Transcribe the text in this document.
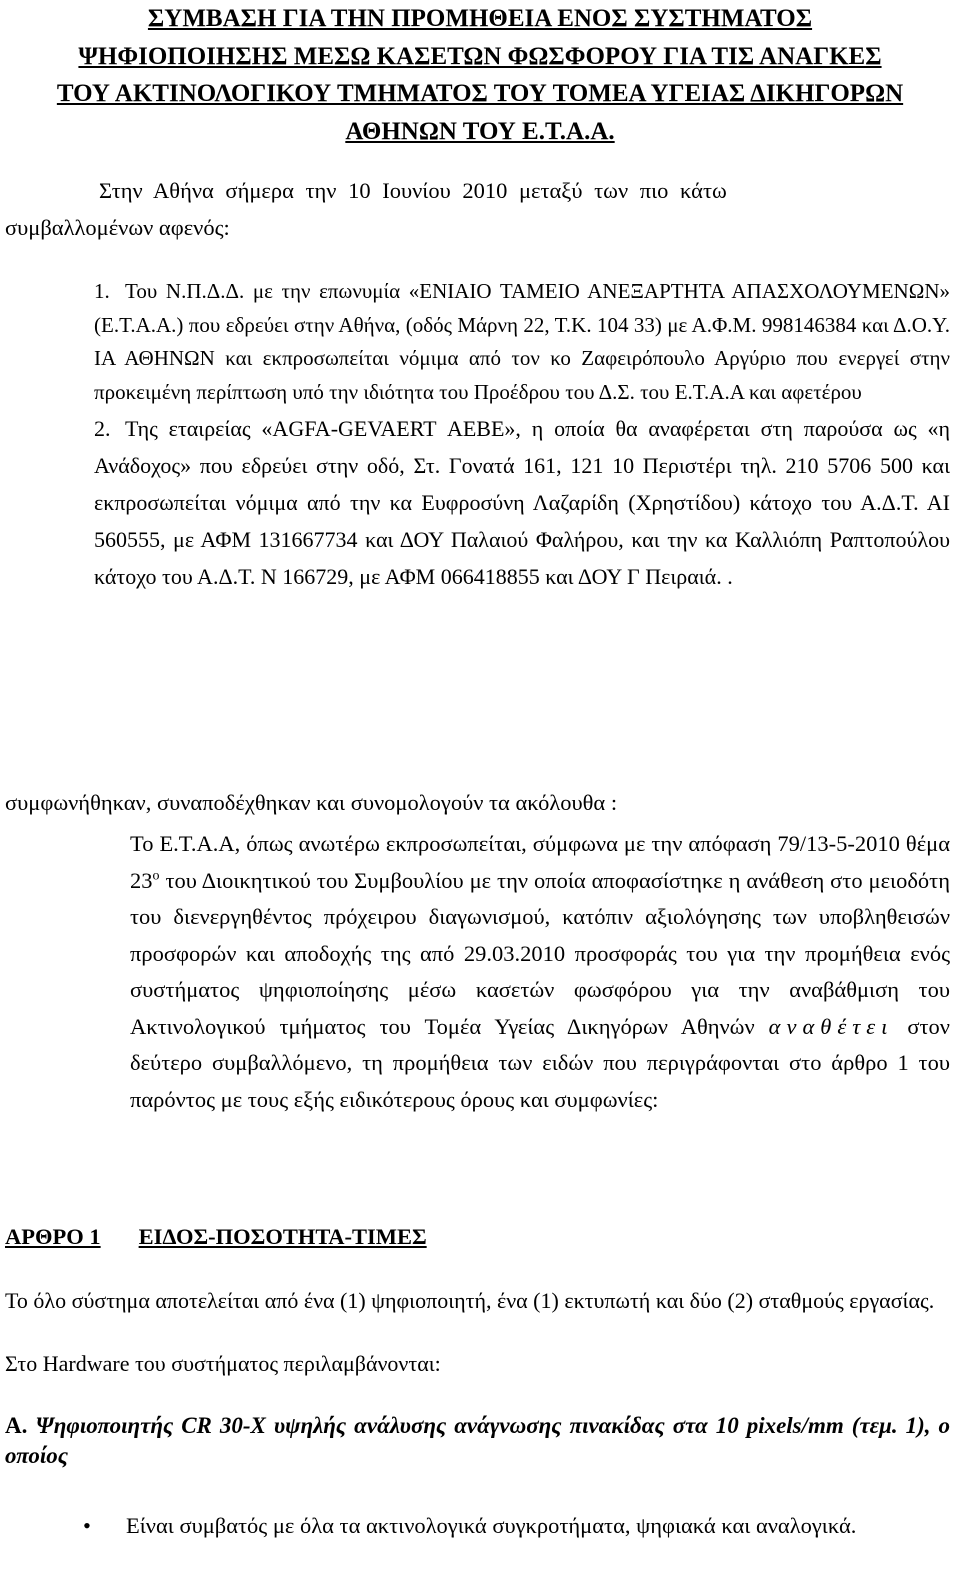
ΣΥΜΒΑΣΗ ΓΙΑ ΤΗΝ ΠΡΟΜΗΘΕΙΑ ΕΝΟΣ ΣΥΣΤΗΜΑΤΟΣ
ΨΗΦΙΟΠΟΙΗΣΗΣ ΜΕΣΩ ΚΑΣΕΤΩΝ ΦΩΣΦΟΡΟΥ ΓΙΑ ΤΙΣ ΑΝΑΓΚΕΣ
ΤΟΥ ΑΚΤΙΝΟΛΟΓΙΚΟΥ ΤΜΗΜΑΤΟΣ ΤΟΥ ΤΟΜΕΑ ΥΓΕΙΑΣ ΔΙΚΗΓΟΡΩΝ
ΑΘΗΝΩΝ ΤΟΥ Ε.Τ.Α.Α.
Στην Αθήνα σήμερα την 10 Ιουνίου 2010 μεταξύ των πιο κάτω
συμβαλλομένων αφενός:
1. Του Ν.Π.Δ.Δ. με την επωνυμία «ΕΝΙΑΙΟ ΤΑΜΕΙΟ ΑΝΕΞΑΡΤΗΤΑ ΑΠΑΣΧΟΛΟΥΜΕΝΩΝ» (Ε.Τ.Α.Α.) που εδρεύει στην Αθήνα, (οδός Μάρνη 22, Τ.Κ. 104 33) με Α.Φ.Μ. 998146384 και Δ.Ο.Υ. ΙΑ ΑΘΗΝΩΝ και εκπροσωπείται νόμιμα από τον κο Ζαφειρόπουλο Αργύριο που ενεργεί στην προκειμένη περίπτωση υπό την ιδιότητα του Προέδρου του Δ.Σ. του Ε.Τ.Α.Α και αφετέρου
2. Της εταιρείας «AGFA-GEVAERT ΑΕΒΕ», η οποία θα αναφέρεται στη παρούσα ως «η Ανάδοχος» που εδρεύει στην οδό, Στ. Γονατά 161, 121 10 Περιστέρι τηλ. 210 5706 500 και εκπροσωπείται νόμιμα από την κα Ευφροσύνη Λαζαρίδη (Χρηστίδου) κάτοχο του Α.Δ.Τ. ΑΙ 560555, με ΑΦΜ 131667734 και ΔΟΥ Παλαιού Φαλήρου, και την κα Καλλιόπη Ραπτοπούλου κάτοχο του Α.Δ.Τ. Ν 166729, με ΑΦΜ 066418855 και ΔΟΥ Γ Πειραιά. .
συμφωνήθηκαν, συναποδέχθηκαν και συνομολογούν τα ακόλουθα :
Το Ε.Τ.Α.Α, όπως ανωτέρω εκπροσωπείται, σύμφωνα με την απόφαση 79/13-5-2010 θέμα $23^o$ του Διοικητικού του Συμβουλίου με την οποία αποφασίστηκε η ανάθεση στο μειοδότη του διενεργηθέντος πρόχειρου διαγωνισμού, κατόπιν αξιολόγησης των υποβληθεισών προσφορών και αποδοχής της από 29.03.2010 προσφοράς του για την προμήθεια ενός συστήματος ψηφιοποίησης μέσω κασετών φωσφόρου για την αναβάθμιση του Ακτινολογικού τμήματος του Τομέα Υγείας Δικηγόρων Αθηνών αναθέτει στον δεύτερο συμβαλλόμενο, τη προμήθεια των ειδών που περιγράφονται στο άρθρο 1 του παρόντος με τους εξής ειδικότερους όρους και συμφωνίες:
ΑΡΘΡΟ 1 ΕΙΔΟΣ-ΠΟΣΟΤΗΤΑ-ΤΙΜΕΣ
Το όλο σύστημα αποτελείται από ένα (1) ψηφιοποιητή, ένα (1) εκτυπωτή και δύο (2) σταθμούς εργασίας.
Στο Hardware του συστήματος περιλαμβάνονται:
Α. Ψηφιοποιητής CR 30-X υψηλής ανάλυσης ανάγνωσης πινακίδας στα 10 pixels/mm (τεμ. 1), ο οποίος
• Είναι συμβατός με όλα τα ακτινολογικά συγκροτήματα, ψηφιακά και αναλογικά.
